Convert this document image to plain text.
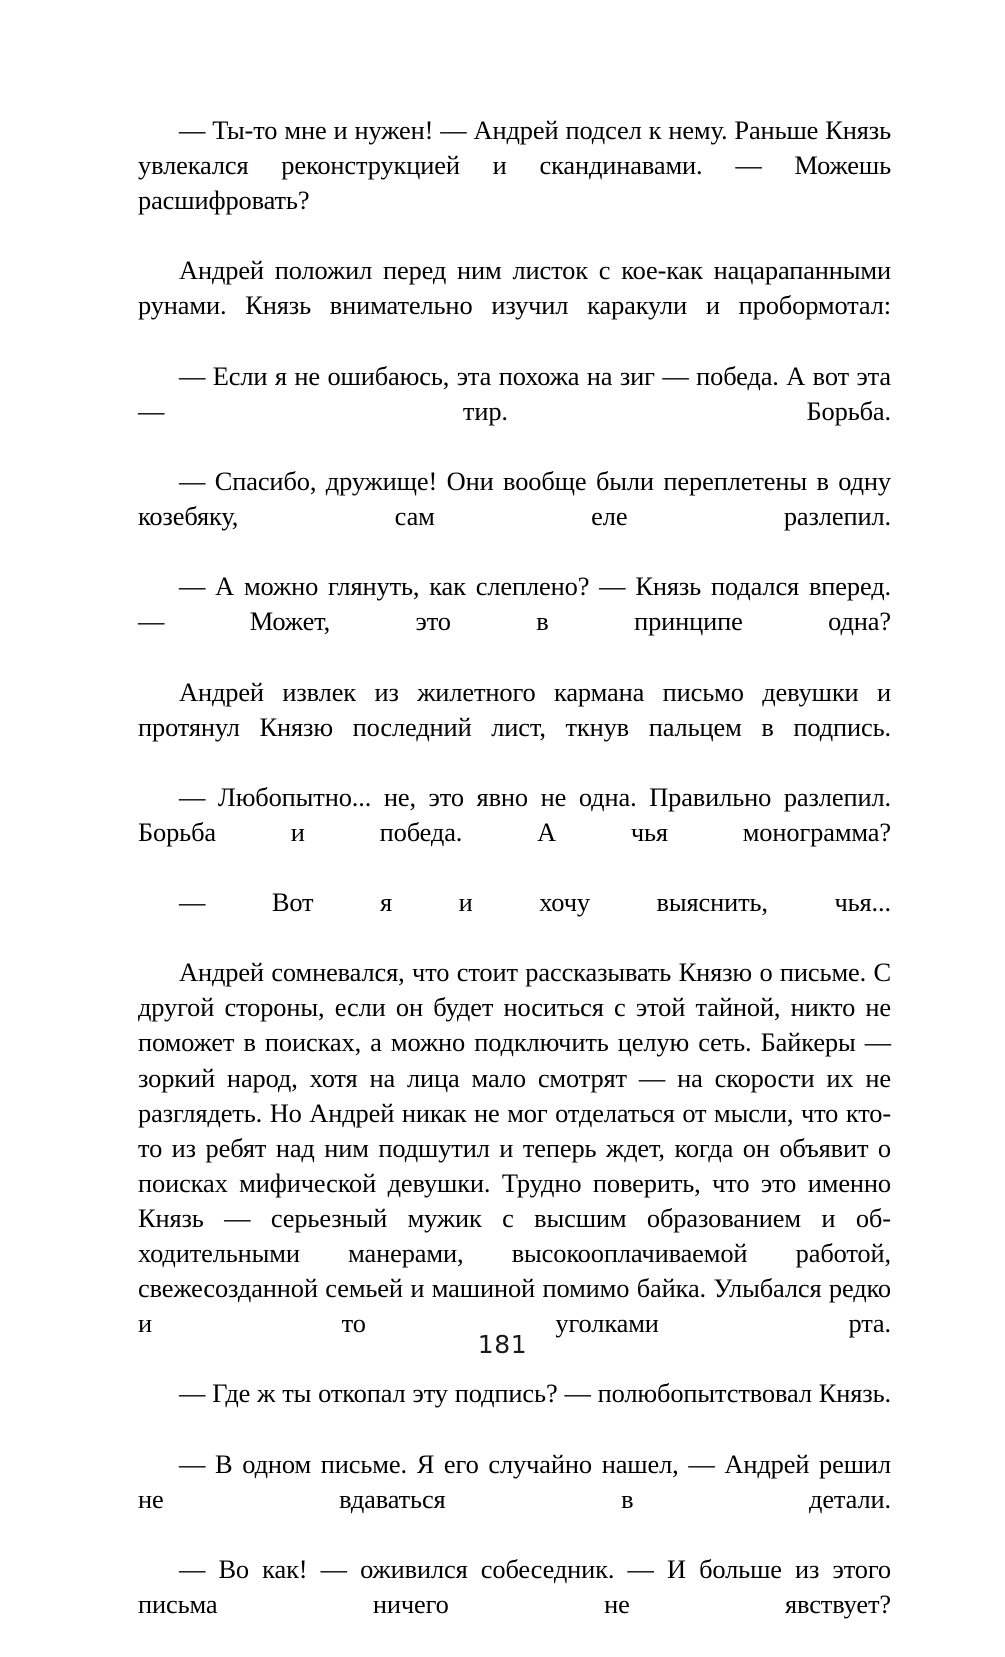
— Ты-то мне и нужен! — Андрей подсел к нему. Раньше Князь увлекался реконструкцией и скандинавами. — Можешь расшифровать?

Андрей положил перед ним листок с кое-как нацарапанными рунами. Князь внимательно изучил каракули и пробормотал:

— Если я не ошибаюсь, эта похожа на зиг — победа. А вот эта — тир. Борьба.

— Спасибо, дружище! Они вообще были переплетены в одну козебяку, сам еле разлепил.

— А можно глянуть, как слеплено? — Князь подался вперед. — Может, это в принципе одна?

Андрей извлек из жилетного кармана письмо девушки и протянул Князю последний лист, ткнув пальцем в подпись.

— Любопытно... не, это явно не одна. Правильно разлепил. Борьба и победа. А чья монограмма?

— Вот я и хочу выяснить, чья...

Андрей сомневался, что стоит рассказывать Князю о письме. С другой стороны, если он будет носиться с этой тайной, никто не поможет в поисках, а можно подключить целую сеть. Байкеры — зоркий народ, хотя на лица мало смотрят — на скорости их не разглядеть. Но Андрей никак не мог отделаться от мысли, что кто-то из ребят над ним подшутил и теперь ждет, когда он объявит о поисках мифической девушки. Трудно поверить, что это именно Князь — серьезный мужик с высшим образованием и обходительными манерами, высокооплачиваемой работой, свежесозданной семьей и машиной помимо байка. Улыбался редко и то уголками рта.

— Где ж ты откопал эту подпись? — полюбопытствовал Князь.

— В одном письме. Я его случайно нашел, — Андрей решил не вдаваться в детали.

— Во как! — оживился собеседник. — И больше из этого письма ничего не явствует?

181
